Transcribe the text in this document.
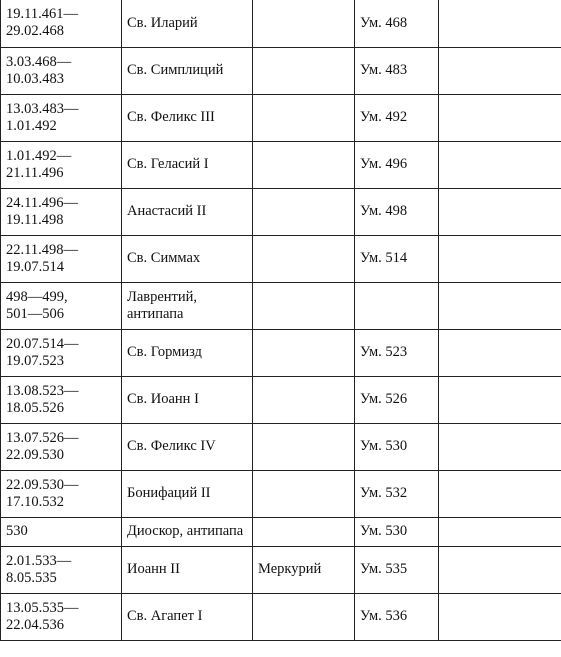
19.11.461—
29.02.468	Св. Иларий		Ум. 468	

3.03.468—
10.03.483	Св. Симплиций		Ум. 483	

13.03.483—
1.01.492	Св. Феликс III		Ум. 492	

1.01.492—
21.11.496	Св. Геласий I		Ум. 496	

24.11.496—
19.11.498	Анастасий II		Ум. 498	

22.11.498—
19.07.514	Св. Симмах		Ум. 514	

498—499,
501—506	Лаврентий,
антипапа			

20.07.514—
19.07.523	Св. Гормизд		Ум. 523	

13.08.523—
18.05.526	Св. Иоанн I		Ум. 526	

13.07.526—
22.09.530	Св. Феликс IV		Ум. 530	

22.09.530—
17.10.532	Бонифаций II		Ум. 532	

530	Диоскор, антипапа		Ум. 530	

2.01.533—
8.05.535	Иоанн II	Меркурий	Ум. 535	

13.05.535—
22.04.536	Св. Агапет I		Ум. 536	
